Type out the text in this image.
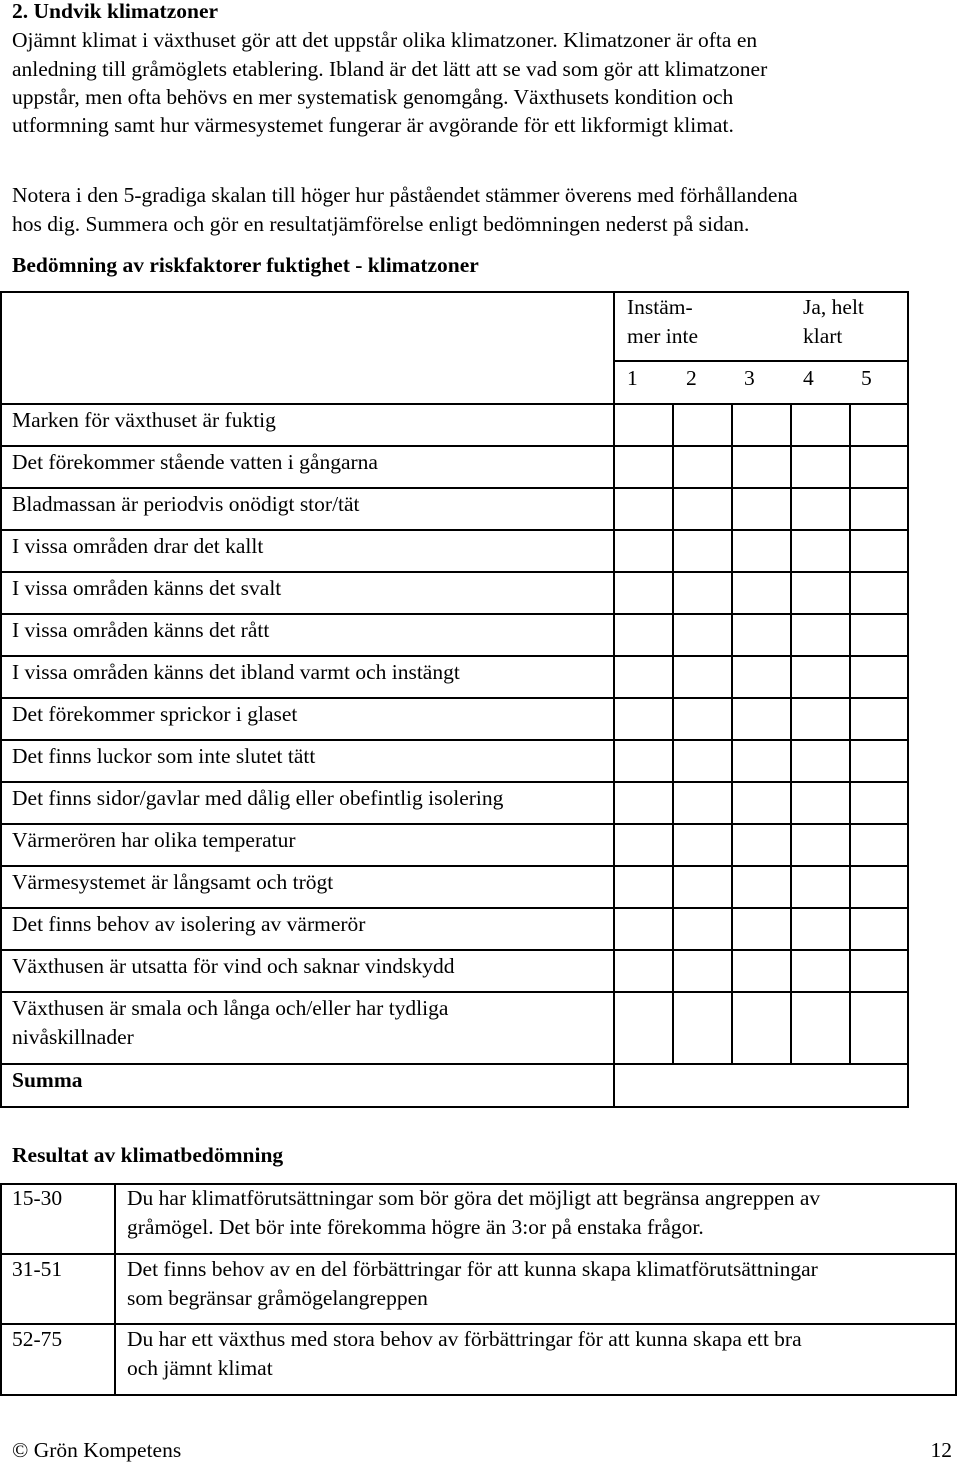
2. Undvik klimatzoner
Ojämnt klimat i växthuset gör att det uppstår olika klimatzoner. Klimatzoner är ofta en
anledning till gråmöglets etablering. Ibland är det lätt att se vad som gör att klimatzoner
uppstår, men ofta behövs en mer systematisk genomgång. Växthusets kondition och
utformning samt hur värmesystemet fungerar är avgörande för ett likformigt klimat.
Notera i den 5-gradiga skalan till höger hur påståendet stämmer överens med förhållandena
hos dig. Summera och gör en resultatjämförelse enligt bedömningen nederst på sidan.
Bedömning av riskfaktorer fuktighet - klimatzoner
Instäm-
mer inte
Ja, helt
klart
1 2 3 4 5
Marken för växthuset är fuktig
Det förekommer stående vatten i gångarna
Bladmassan är periodvis onödigt stor/tät
I vissa områden drar det kallt
I vissa områden känns det svalt
I vissa områden känns det rått
I vissa områden känns det ibland varmt och instängt
Det förekommer sprickor i glaset
Det finns luckor som inte slutet tätt
Det finns sidor/gavlar med dålig eller obefintlig isolering
Värmerören har olika temperatur
Värmesystemet är långsamt och trögt
Det finns behov av isolering av värmerör
Växthusen är utsatta för vind och saknar vindskydd
Växthusen är smala och långa och/eller har tydliga
nivåskillnader
Summa
Resultat av klimatbedömning
15-30	Du har klimatförutsättningar som bör göra det möjligt att begränsa angreppen av
gråmögel. Det bör inte förekomma högre än 3:or på enstaka frågor.
31-51	Det finns behov av en del förbättringar för att kunna skapa klimatförutsättningar
som begränsar gråmögelangreppen
52-75	Du har ett växthus med stora behov av förbättringar för att kunna skapa ett bra
och jämnt klimat
© Grön Kompetens	12
